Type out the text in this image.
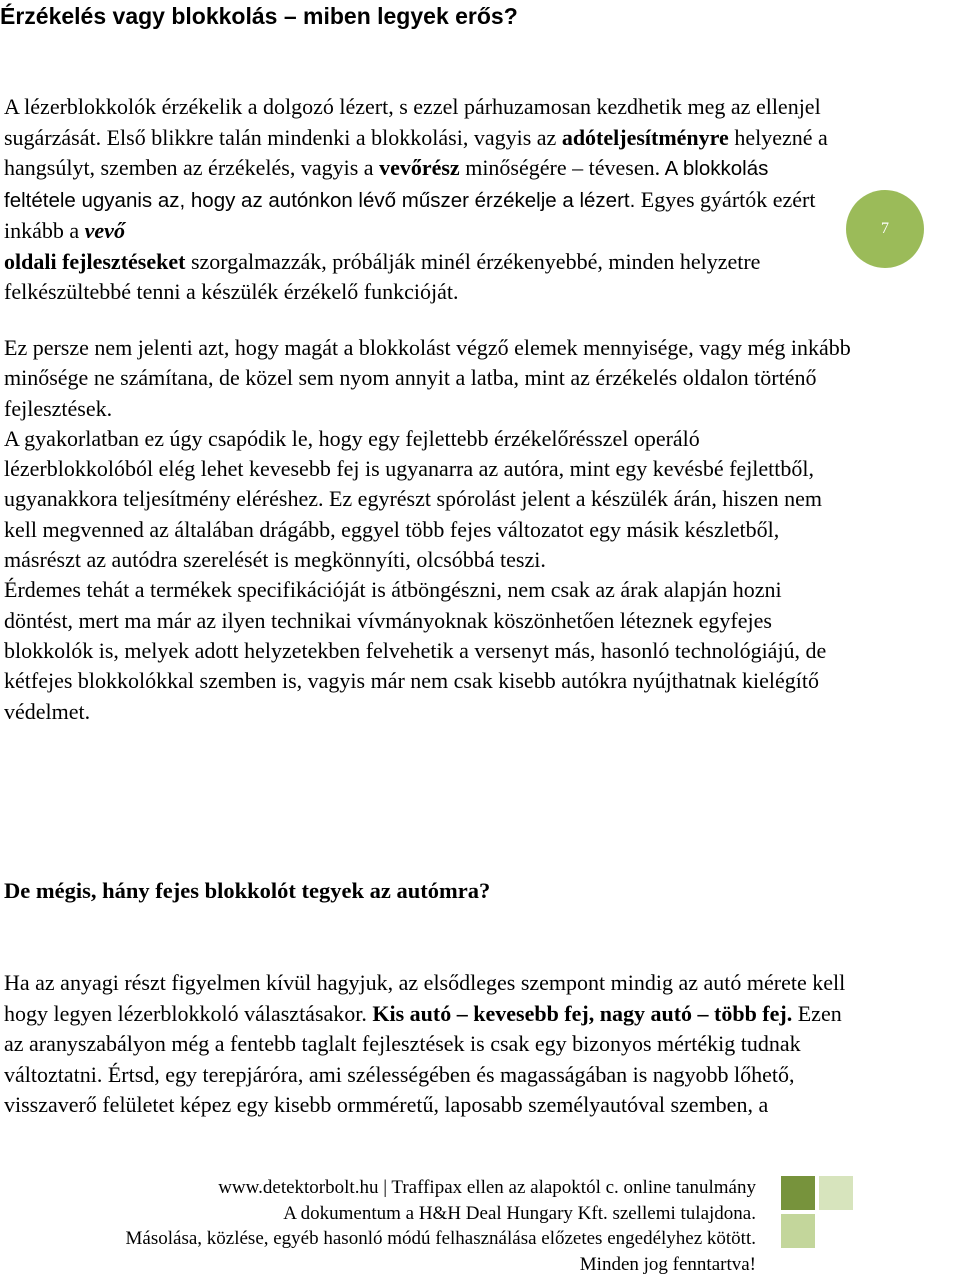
Érzékelés vagy blokkolás – miben legyek erős?

A lézerblokkolók érzékelik a dolgozó lézert, s ezzel párhuzamosan kezdhetik meg az ellenjel sugárzását. Első blikkre talán mindenki a blokkolási, vagyis az adóteljesítményre helyezné a hangsúlyt, szemben az érzékelés, vagyis a vevőrész minőségére – tévesen. A blokkolás feltétele ugyanis az, hogy az autónkon lévő műszer érzékelje a lézert. Egyes gyártók ezért inkább a vevő
oldali fejlesztéseket szorgalmazzák, próbálják minél érzékenyebbé, minden helyzetre felkészültebbé tenni a készülék érzékelő funkcióját.

7

Ez persze nem jelenti azt, hogy magát a blokkolást végző elemek mennyisége, vagy még inkább minősége ne számítana, de közel sem nyom annyit a latba, mint az érzékelés oldalon történő fejlesztések.

A gyakorlatban ez úgy csapódik le, hogy egy fejlettebb érzékelőrésszel operáló lézerblokkolóból elég lehet kevesebb fej is ugyanarra az autóra, mint egy kevésbé fejlettből, ugyanakkora teljesítmény eléréshez. Ez egyrészt spórolást jelent a készülék árán, hiszen nem kell megvenned az általában drágább, eggyel több fejes változatot egy másik készletből, másrészt az autódra szerelését is megkönnyíti, olcsóbbá teszi.

Érdemes tehát a termékek specifikációját is átböngészni, nem csak az árak alapján hozni döntést, mert ma már az ilyen technikai vívmányoknak köszönhetően léteznek egyfejes blokkolók is, melyek adott helyzetekben felvehetik a versenyt más, hasonló technológiájú, de kétfejes blokkolókkal szemben is, vagyis már nem csak kisebb autókra nyújthatnak kielégítő védelmet.

De mégis, hány fejes blokkolót tegyek az autómra?

Ha az anyagi részt figyelmen kívül hagyjuk, az elsődleges szempont mindig az autó mérete kell hogy legyen lézerblokkoló választásakor. Kis autó – kevesebb fej, nagy autó – több fej. Ezen az aranyszabályon még a fentebb taglalt fejlesztések is csak egy bizonyos mértékig tudnak változtatni. Értsd, egy terepjáróra, ami szélességében és magasságában is nagyobb lőhető, visszaverő felületet képez egy kisebb ormméretű, laposabb személyautóval szemben, a

www.detektorbolt.hu | Traffipax ellen az alapoktól c. online tanulmány
A dokumentum a H&H Deal Hungary Kft. szellemi tulajdona.
Másolása, közlése, egyéb hasonló módú felhasználása előzetes engedélyhez kötött.
Minden jog fenntartva!
